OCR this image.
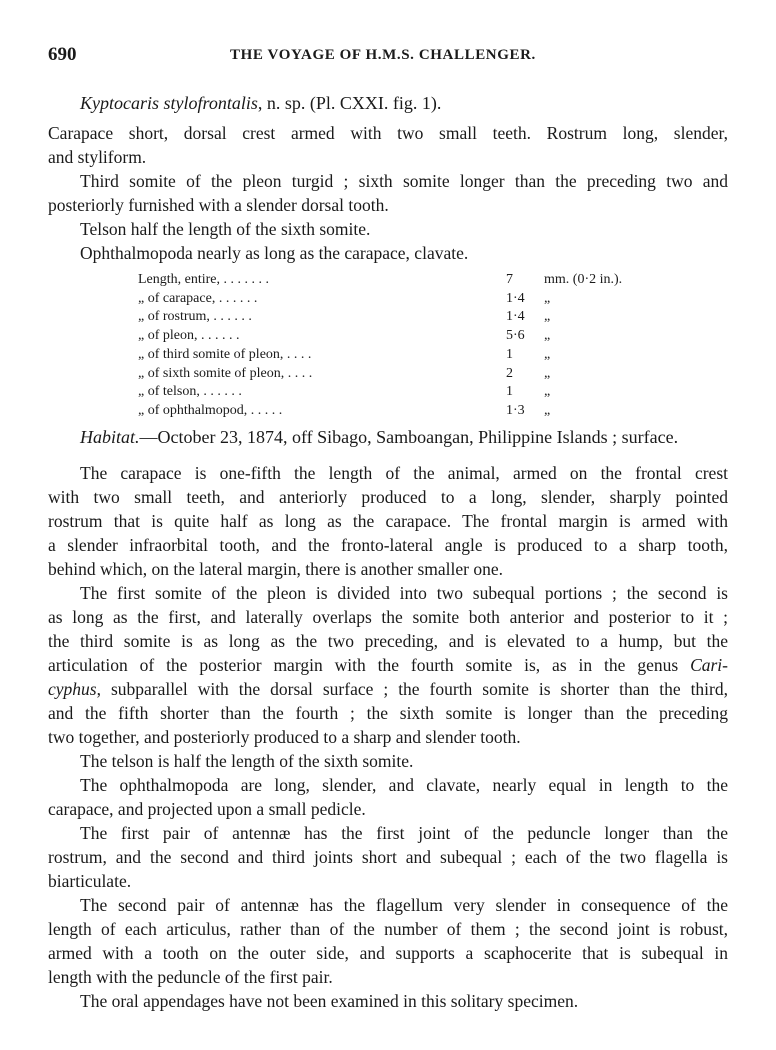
690	THE VOYAGE OF H.M.S. CHALLENGER.
Kyptocaris stylofrontalis, n. sp. (Pl. CXXI. fig. 1).
Carapace short, dorsal crest armed with two small teeth. Rostrum long, slender,
and styliform.
Third somite of the pleon turgid ; sixth somite longer than the preceding two and
posteriorly furnished with a slender dorsal tooth.
Telson half the length of the sixth somite.
Ophthalmopoda nearly as long as the carapace, clavate.
Length, entire, . . . . . . .	7	mm. (0·2 in.).
„ of carapace, . . . . . .	1·4	„
„ of rostrum, . . . . . .	1·4	„
„ of pleon, . . . . . .	5·6	„
„ of third somite of pleon, . . . .	1	„
„ of sixth somite of pleon, . . . .	2	„
„ of telson, . . . . . .	1	„
„ of ophthalmopod, . . . . .	1·3	„
Habitat.—October 23, 1874, off Sibago, Samboangan, Philippine Islands ; surface.
The carapace is one-fifth the length of the animal, armed on the frontal crest
with two small teeth, and anteriorly produced to a long, slender, sharply pointed
rostrum that is quite half as long as the carapace. The frontal margin is armed with
a slender infraorbital tooth, and the fronto-lateral angle is produced to a sharp tooth,
behind which, on the lateral margin, there is another smaller one.
The first somite of the pleon is divided into two subequal portions ; the second is
as long as the first, and laterally overlaps the somite both anterior and posterior to it ;
the third somite is as long as the two preceding, and is elevated to a hump, but the
articulation of the posterior margin with the fourth somite is, as in the genus Cari-
cyphus, subparallel with the dorsal surface ; the fourth somite is shorter than the third,
and the fifth shorter than the fourth ; the sixth somite is longer than the preceding
two together, and posteriorly produced to a sharp and slender tooth.
The telson is half the length of the sixth somite.
The ophthalmopoda are long, slender, and clavate, nearly equal in length to the
carapace, and projected upon a small pedicle.
The first pair of antennæ has the first joint of the peduncle longer than the
rostrum, and the second and third joints short and subequal ; each of the two flagella is
biarticulate.
The second pair of antennæ has the flagellum very slender in consequence of the
length of each articulus, rather than of the number of them ; the second joint is robust,
armed with a tooth on the outer side, and supports a scaphocerite that is subequal in
length with the peduncle of the first pair.
The oral appendages have not been examined in this solitary specimen.
